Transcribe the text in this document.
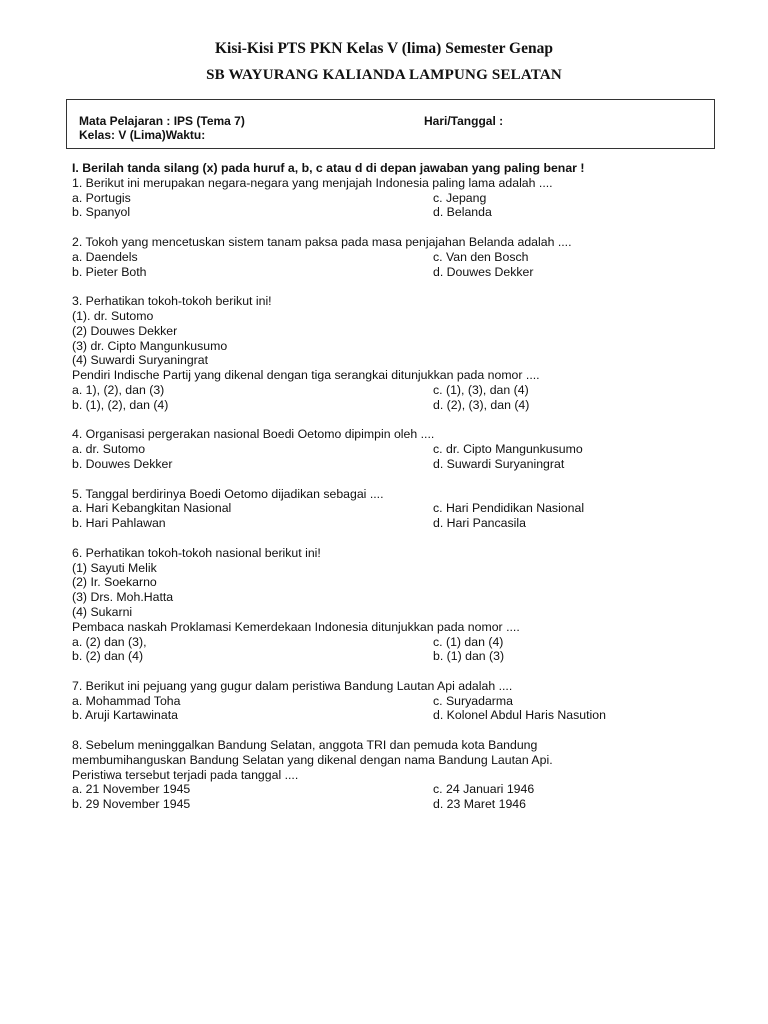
Kisi-Kisi PTS PKN Kelas V (lima) Semester Genap
SB WAYURANG KALIANDA LAMPUNG SELATAN
Mata Pelajaran : IPS (Tema 7)	Hari/Tanggal :
Kelas: V (Lima)Waktu:
I. Berilah tanda silang (x) pada huruf a, b, c atau d di depan jawaban yang paling benar !
1. Berikut ini merupakan negara-negara yang menjajah Indonesia paling lama adalah ....
a. Portugis	c. Jepang
b. Spanyol	d. Belanda
2. Tokoh yang mencetuskan sistem tanam paksa pada masa penjajahan Belanda adalah ....
a. Daendels	c. Van den Bosch
b. Pieter Both	d. Douwes Dekker
3. Perhatikan tokoh-tokoh berikut ini!
(1). dr. Sutomo
(2) Douwes Dekker
(3) dr. Cipto Mangunkusumo
(4) Suwardi Suryaningrat
Pendiri Indische Partij yang dikenal dengan tiga serangkai ditunjukkan pada nomor ....
a. 1), (2), dan (3)	c. (1), (3), dan (4)
b. (1), (2), dan (4)	d. (2), (3), dan (4)
4. Organisasi pergerakan nasional Boedi Oetomo dipimpin oleh ....
a. dr. Sutomo	c. dr. Cipto Mangunkusumo
b. Douwes Dekker	d. Suwardi Suryaningrat
5. Tanggal berdirinya Boedi Oetomo dijadikan sebagai ....
a. Hari Kebangkitan Nasional	c. Hari Pendidikan Nasional
b. Hari Pahlawan	d. Hari Pancasila
6. Perhatikan tokoh-tokoh nasional berikut ini!
(1) Sayuti Melik
(2) Ir. Soekarno
(3) Drs. Moh.Hatta
(4) Sukarni
Pembaca naskah Proklamasi Kemerdekaan Indonesia ditunjukkan pada nomor ....
a. (2) dan (3),	c. (1) dan (4)
b. (2) dan (4)	b. (1) dan (3)
7. Berikut ini pejuang yang gugur dalam peristiwa Bandung Lautan Api adalah ....
a. Mohammad Toha	c. Suryadarma
b. Aruji Kartawinata	d. Kolonel Abdul Haris Nasution
8. Sebelum meninggalkan Bandung Selatan, anggota TRI dan pemuda kota Bandung
membumihanguskan Bandung Selatan yang dikenal dengan nama Bandung Lautan Api.
Peristiwa tersebut terjadi pada tanggal ....
a. 21 November 1945	c. 24 Januari 1946
b. 29 November 1945	d. 23 Maret 1946
